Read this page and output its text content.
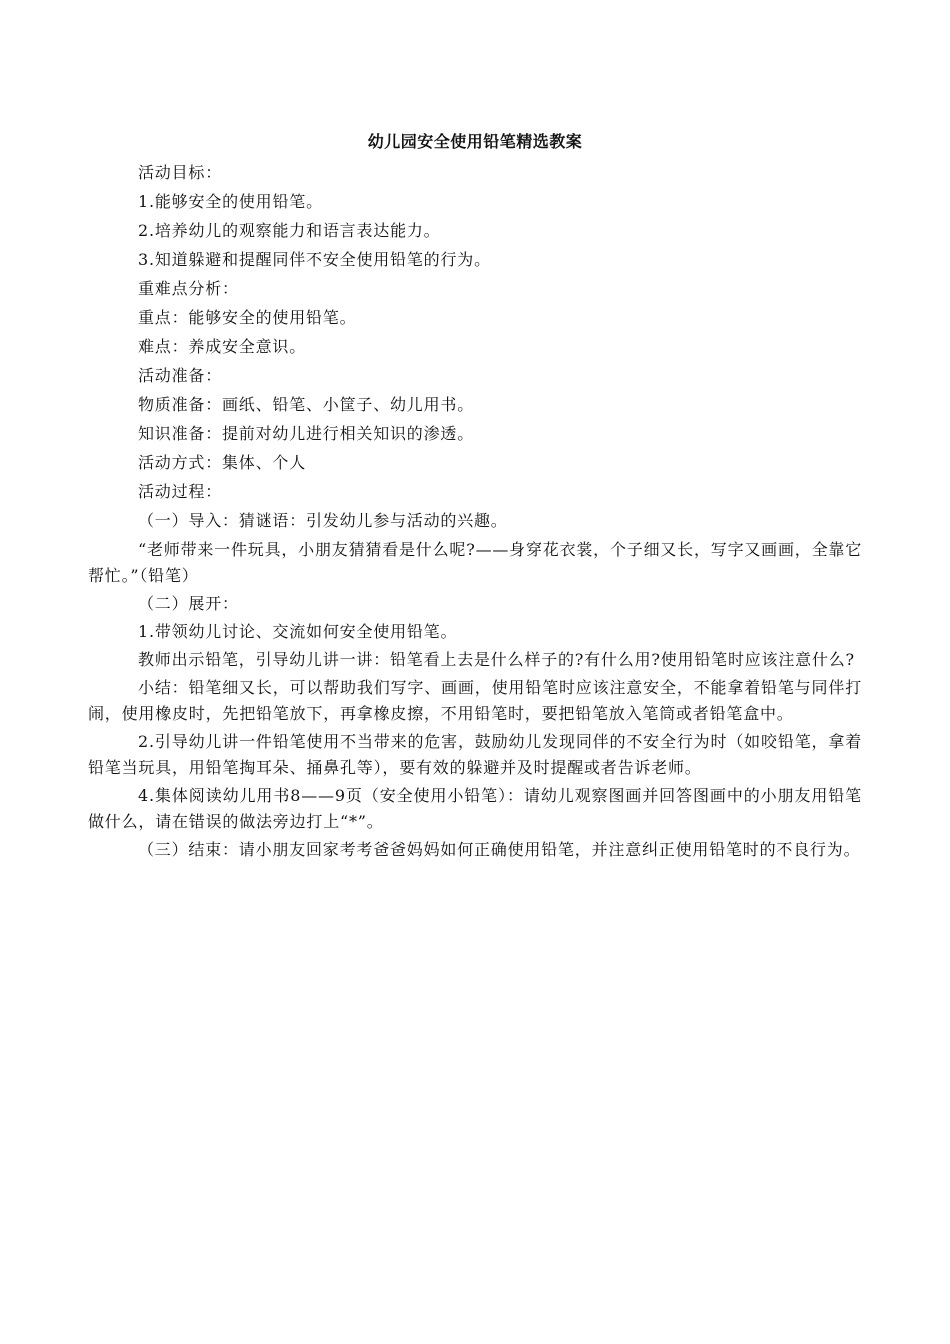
幼儿园安全使用铅笔精选教案

活动目标：

1.能够安全的使用铅笔。

2.培养幼儿的观察能力和语言表达能力。

3.知道躲避和提醒同伴不安全使用铅笔的行为。

重难点分析：

重点：能够安全的使用铅笔。

难点：养成安全意识。

活动准备：

物质准备：画纸、铅笔、小筐子、幼儿用书。

知识准备：提前对幼儿进行相关知识的渗透。

活动方式：集体、个人

活动过程：

（一）导入：猜谜语：引发幼儿参与活动的兴趣。

“老师带来一件玩具，小朋友猜猜看是什么呢?——身穿花衣裳，个子细又长，写字又画画，全靠它帮忙。”（铅笔）

（二）展开：

1.带领幼儿讨论、交流如何安全使用铅笔。

教师出示铅笔，引导幼儿讲一讲：铅笔看上去是什么样子的?有什么用?使用铅笔时应该注意什么?

小结：铅笔细又长，可以帮助我们写字、画画，使用铅笔时应该注意安全，不能拿着铅笔与同伴打闹，使用橡皮时，先把铅笔放下，再拿橡皮擦，不用铅笔时，要把铅笔放入笔筒或者铅笔盒中。

2.引导幼儿讲一件铅笔使用不当带来的危害，鼓励幼儿发现同伴的不安全行为时（如咬铅笔，拿着铅笔当玩具，用铅笔掏耳朵、捅鼻孔等），要有效的躲避并及时提醒或者告诉老师。

4.集体阅读幼儿用书8——9页（安全使用小铅笔）：请幼儿观察图画并回答图画中的小朋友用铅笔做什么，请在错误的做法旁边打上“*”。

（三）结束：请小朋友回家考考爸爸妈妈如何正确使用铅笔，并注意纠正使用铅笔时的不良行为。
